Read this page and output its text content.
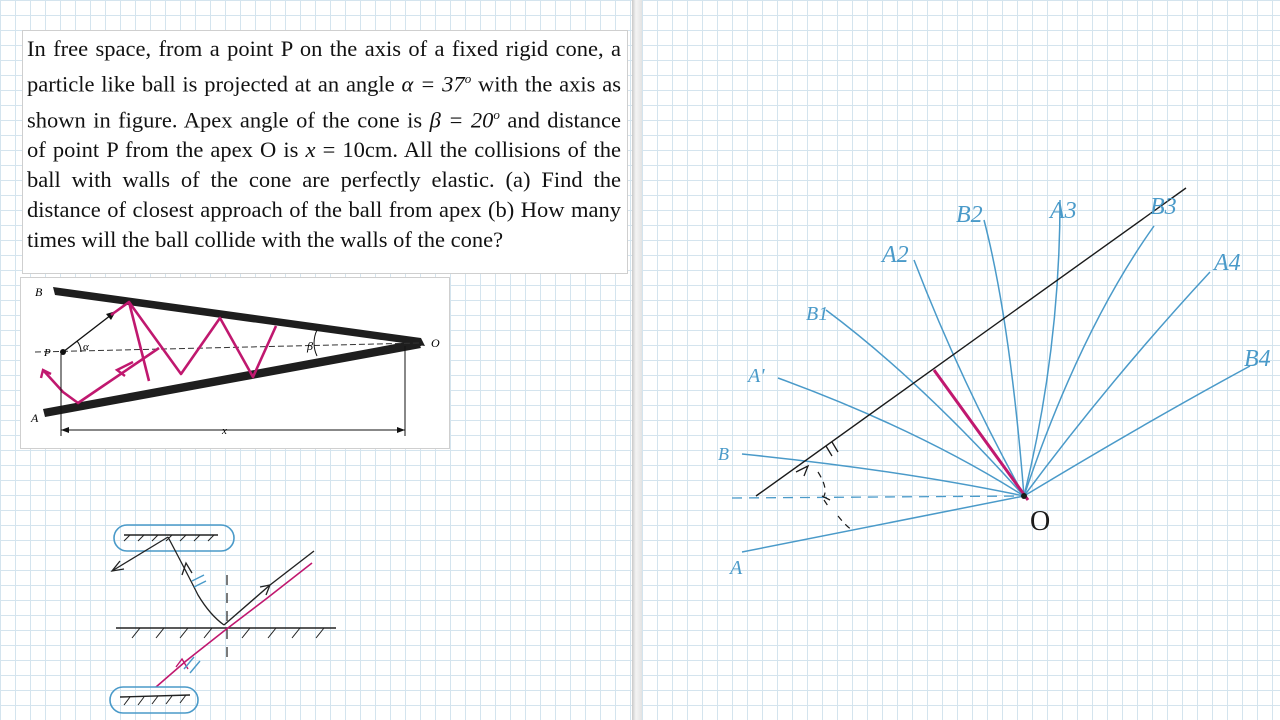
In free space, from a point P on the axis of a fixed rigid cone, a particle like ball is projected at an angle $\alpha = 37^o$ with the axis as shown in figure. Apex angle of the cone is $\beta = 20^o$ and distance of point P from the apex O is x = 10cm. All the collisions of the ball with walls of the cone are perfectly elastic. (a) Find the distance of closest approach of the ball from apex (b) How many times will the ball collide with the walls of the cone?
B
P
A
O
α	β
x
O
A
B
A'
B1
A2
B2	A3	B3
A4
B4
